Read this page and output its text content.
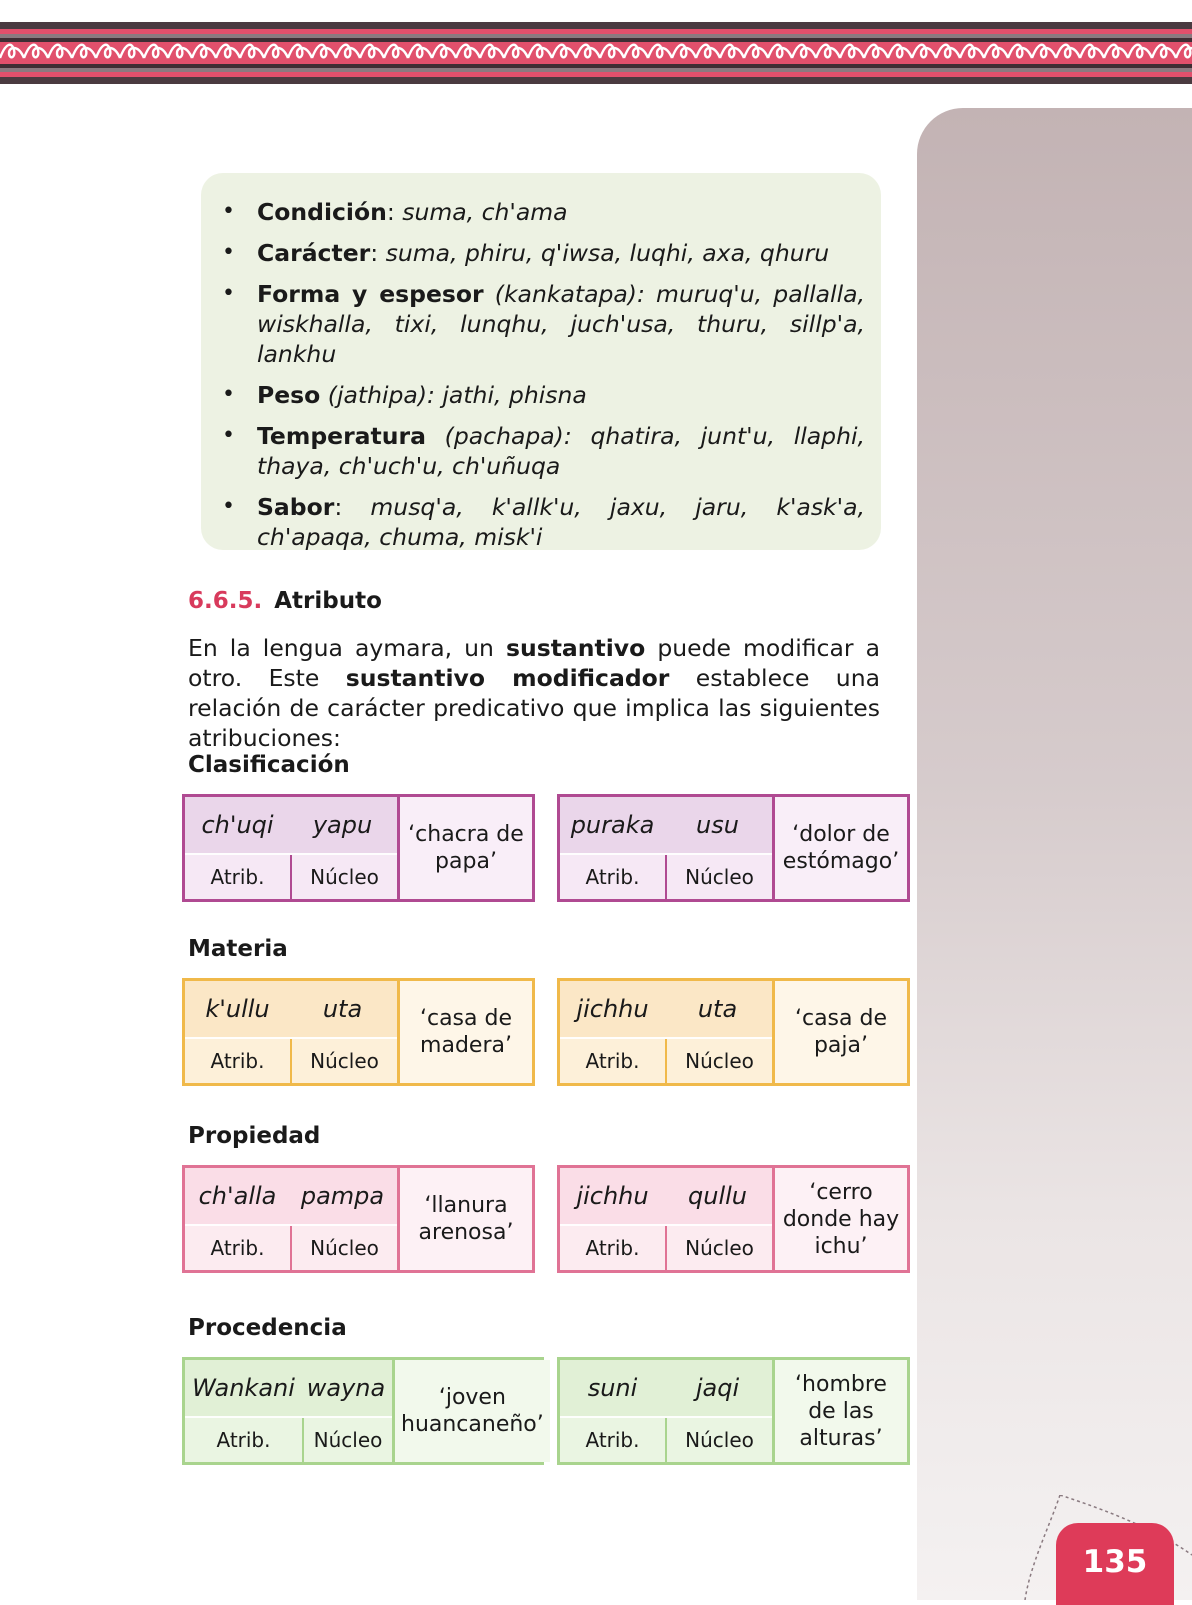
• Condición: suma, ch'ama
• Carácter: suma, phiru, q'iwsa, luqhi, axa, qhuru
• Forma y espesor (kankatapa): muruq'u, pallalla, wiskhalla, tixi, lunqhu, juch'usa, thuru, sillp'a, lankhu
• Peso (jathipa): jathi, phisna
• Temperatura (pachapa): qhatira, junt'u, llaphi, thaya, ch'uch'u, ch'uñuqa
• Sabor: musq'a, k'allk'u, jaxu, jaru, k'ask'a, ch'apaqa, chuma, misk'i
6.6.5. Atributo
En la lengua aymara, un sustantivo puede modificar a otro. Este sustantivo modificador establece una relación de carácter predicativo que implica las siguientes atribuciones:
Clasificación
ch'uqi	yapu
Atrib.	Núcleo
‘chacra de papa’
puraka	usu
Atrib.	Núcleo
‘dolor de estómago’
Materia
k'ullu	uta
Atrib.	Núcleo
‘casa de madera’
jichhu	uta
Atrib.	Núcleo
‘casa de paja’
Propiedad
ch'alla	pampa
Atrib.	Núcleo
‘llanura arenosa’
jichhu	qullu
Atrib.	Núcleo
‘cerro donde hay ichu’
Procedencia
Wankani wayna
Atrib.	Núcleo
‘joven huancaneño’
suni	jaqi
Atrib.	Núcleo
‘hombre de las alturas’
135
